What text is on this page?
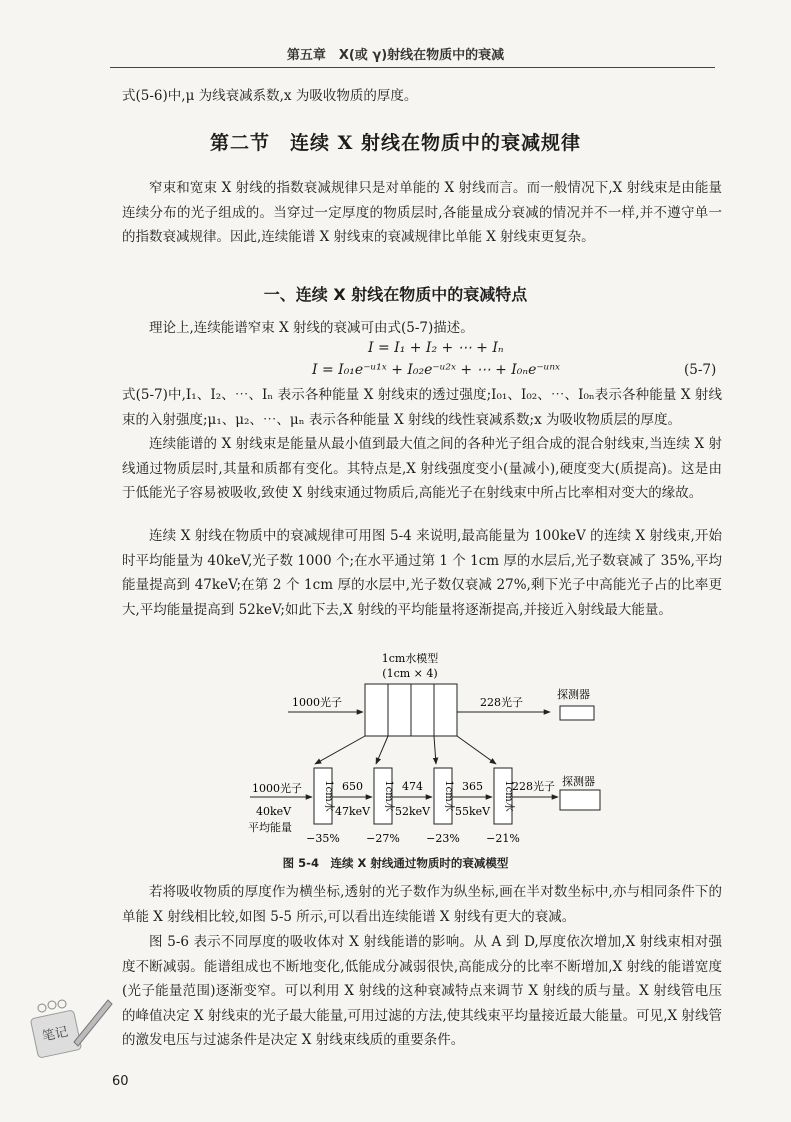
第五章　X(或 γ)射线在物质中的衰减

式(5-6)中,μ 为线衰减系数,x 为吸收物质的厚度。

第二节　连续 X 射线在物质中的衰减规律

窄束和宽束 X 射线的指数衰减规律只是对单能的 X 射线而言。而一般情况下,X 射线束是由能量连续分布的光子组成的。当穿过一定厚度的物质层时,各能量成分衰减的情况并不一样,并不遵守单一的指数衰减规律。因此,连续能谱 X 射线束的衰减规律比单能 X 射线束更复杂。

一、连续 X 射线在物质中的衰减特点

理论上,连续能谱窄束 X 射线的衰减可由式(5-7)描述。

I = I₁ + I₂ + ⋯ + Iₙ
I = I₀₁e⁻ᵘ¹ˣ + I₀₂e⁻ᵘ²ˣ + ⋯ + I₀ₙe⁻ᵘⁿˣ	(5-7)

式(5-7)中,I₁、I₂、⋯、Iₙ 表示各种能量 X 射线束的透过强度;I₀₁、I₀₂、⋯、I₀ₙ表示各种能量 X 射线束的入射强度;μ₁、μ₂、⋯、μₙ 表示各种能量 X 射线的线性衰减系数;x 为吸收物质层的厚度。

连续能谱的 X 射线束是能量从最小值到最大值之间的各种光子组合成的混合射线束,当连续 X 射线通过物质层时,其量和质都有变化。其特点是,X 射线强度变小(量减小),硬度变大(质提高)。这是由于低能光子容易被吸收,致使 X 射线束通过物质后,高能光子在射线束中所占比率相对变大的缘故。

连续 X 射线在物质中的衰减规律可用图 5-4 来说明,最高能量为 100keV 的连续 X 射线束,开始时平均能量为 40keV,光子数 1000 个;在水平通过第 1 个 1cm 厚的水层后,光子数衰减了 35%,平均能量提高到 47keV;在第 2 个 1cm 厚的水层中,光子数仅衰减 27%,剩下光子中高能光子占的比率更大,平均能量提高到 52keV;如此下去,X 射线的平均能量将逐渐提高,并接近入射线最大能量。

1cm水模型
(1cm × 4)
1000光子	228光子
探测器
1000光子
40keV
平均能量
1cm水	1cm水	1cm水	1cm水
650	474	365	228光子
47keV 52keV 55keV
探测器
−35% −27% −23% −21%
图 5-4　连续 X 射线通过物质时的衰减模型

若将吸收物质的厚度作为横坐标,透射的光子数作为纵坐标,画在半对数坐标中,亦与相同条件下的单能 X 射线相比较,如图 5-5 所示,可以看出连续能谱 X 射线有更大的衰减。

图 5-6 表示不同厚度的吸收体对 X 射线能谱的影响。从 A 到 D,厚度依次增加,X 射线束相对强度不断减弱。能谱组成也不断地变化,低能成分减弱很快,高能成分的比率不断增加,X 射线的能谱宽度(光子能量范围)逐渐变窄。可以利用 X 射线的这种衰减特点来调节 X 射线的质与量。X 射线管电压的峰值决定 X 射线束的光子最大能量,可用过滤的方法,使其线束平均量接近最大能量。可见,X 射线管的激发电压与过滤条件是决定 X 射线束线质的重要条件。

笔记
60
